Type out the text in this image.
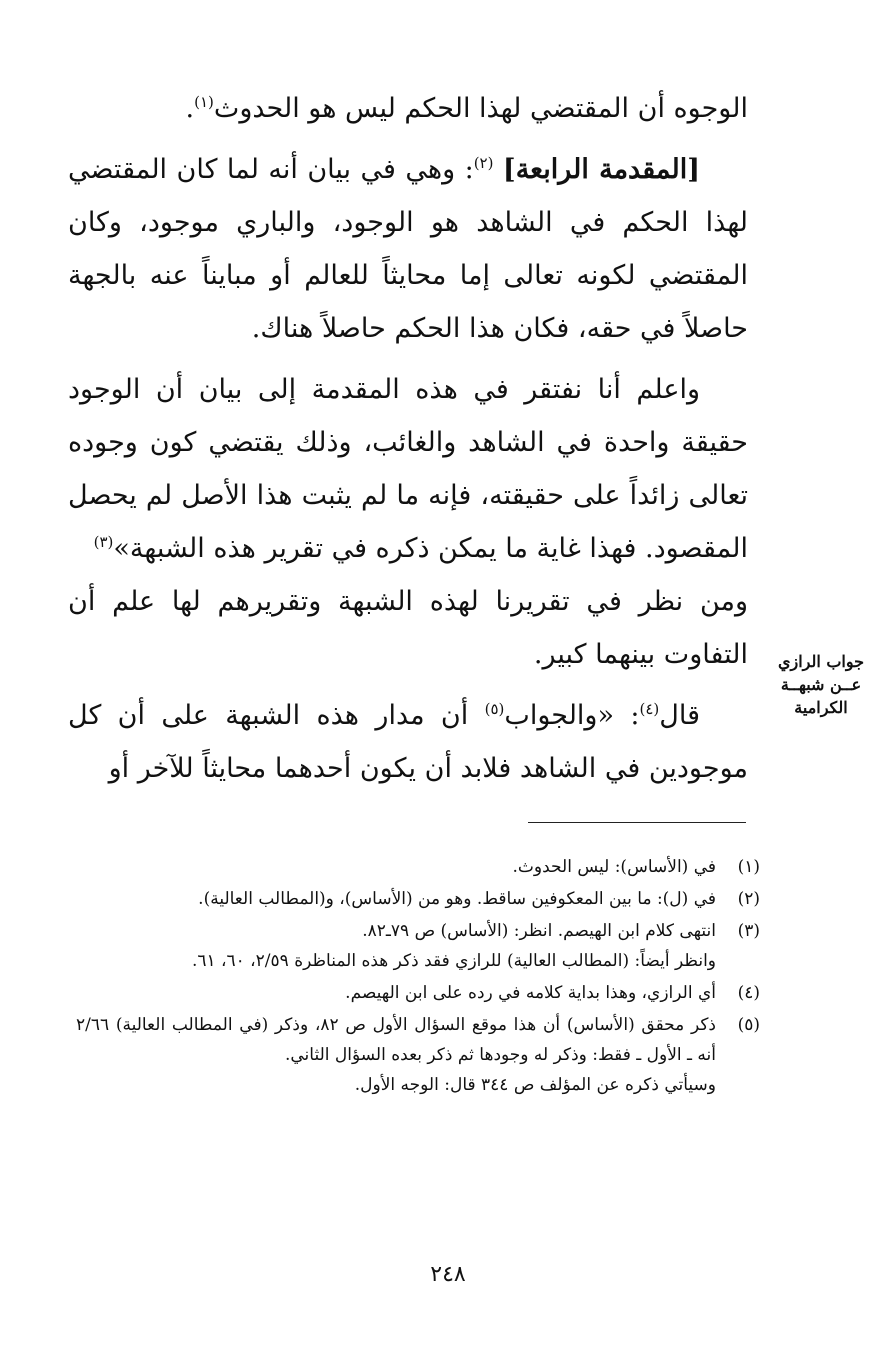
الوجوه أن المقتضي لهذا الحكم ليس هو الحدوث$^{(١)}$.

[المقدمة الرابعة] $^{(٢)}$: وهي في بيان أنه لما كان المقتضي لهذا الحكم في الشاهد هو الوجود، والباري موجود، وكان المقتضي لكونه تعالى إما محايثاً للعالم أو مبايناً عنه بالجهة حاصلاً في حقه، فكان هذا الحكم حاصلاً هناك.

واعلم أنا نفتقر في هذه المقدمة إلى بيان أن الوجود حقيقة واحدة في الشاهد والغائب، وذلك يقتضي كون وجوده تعالى زائداً على حقيقته، فإنه ما لم يثبت هذا الأصل لم يحصل المقصود. فهذا غاية ما يمكن ذكره في تقرير هذه الشبهة»$^{(٣)}$
ومن نظر في تقريرنا لهذه الشبهة وتقريرهم لها علم أن التفاوت بينهما كبير.

قال$^{(٤)}$: «والجواب$^{(٥)}$ أن مدار هذه الشبهة على أن كل موجودين في الشاهد فلابد أن يكون أحدهما محايثاً للآخر أو

جواب الرازي
عــن شبهــة
الكرامية
(١)

في (الأساس): ليس الحدوث.

(٢)

في (ل): ما بين المعكوفين ساقط. وهو من (الأساس)، و(المطالب العالية).

(٣)

انتهى كلام ابن الهيصم. انظر: (الأساس) ص ٧٩ـ٨٢.

وانظر أيضاً: (المطالب العالية) للرازي فقد ذكر هذه المناظرة ٢/٥٩، ٦٠، ٦١.

(٤)

أي الرازي، وهذا بداية كلامه في رده على ابن الهيصم.

(٥)

ذكر محقق (الأساس) أن هذا موقع السؤال الأول ص ٨٢، وذكر (في المطالب العالية) ٢/٦٦ أنه ـ الأول ـ فقط: وذكر له وجودها ثم ذكر بعده السؤال الثاني.

وسيأتي ذكره عن المؤلف ص ٣٤٤ قال: الوجه الأول.

٢٤٨
